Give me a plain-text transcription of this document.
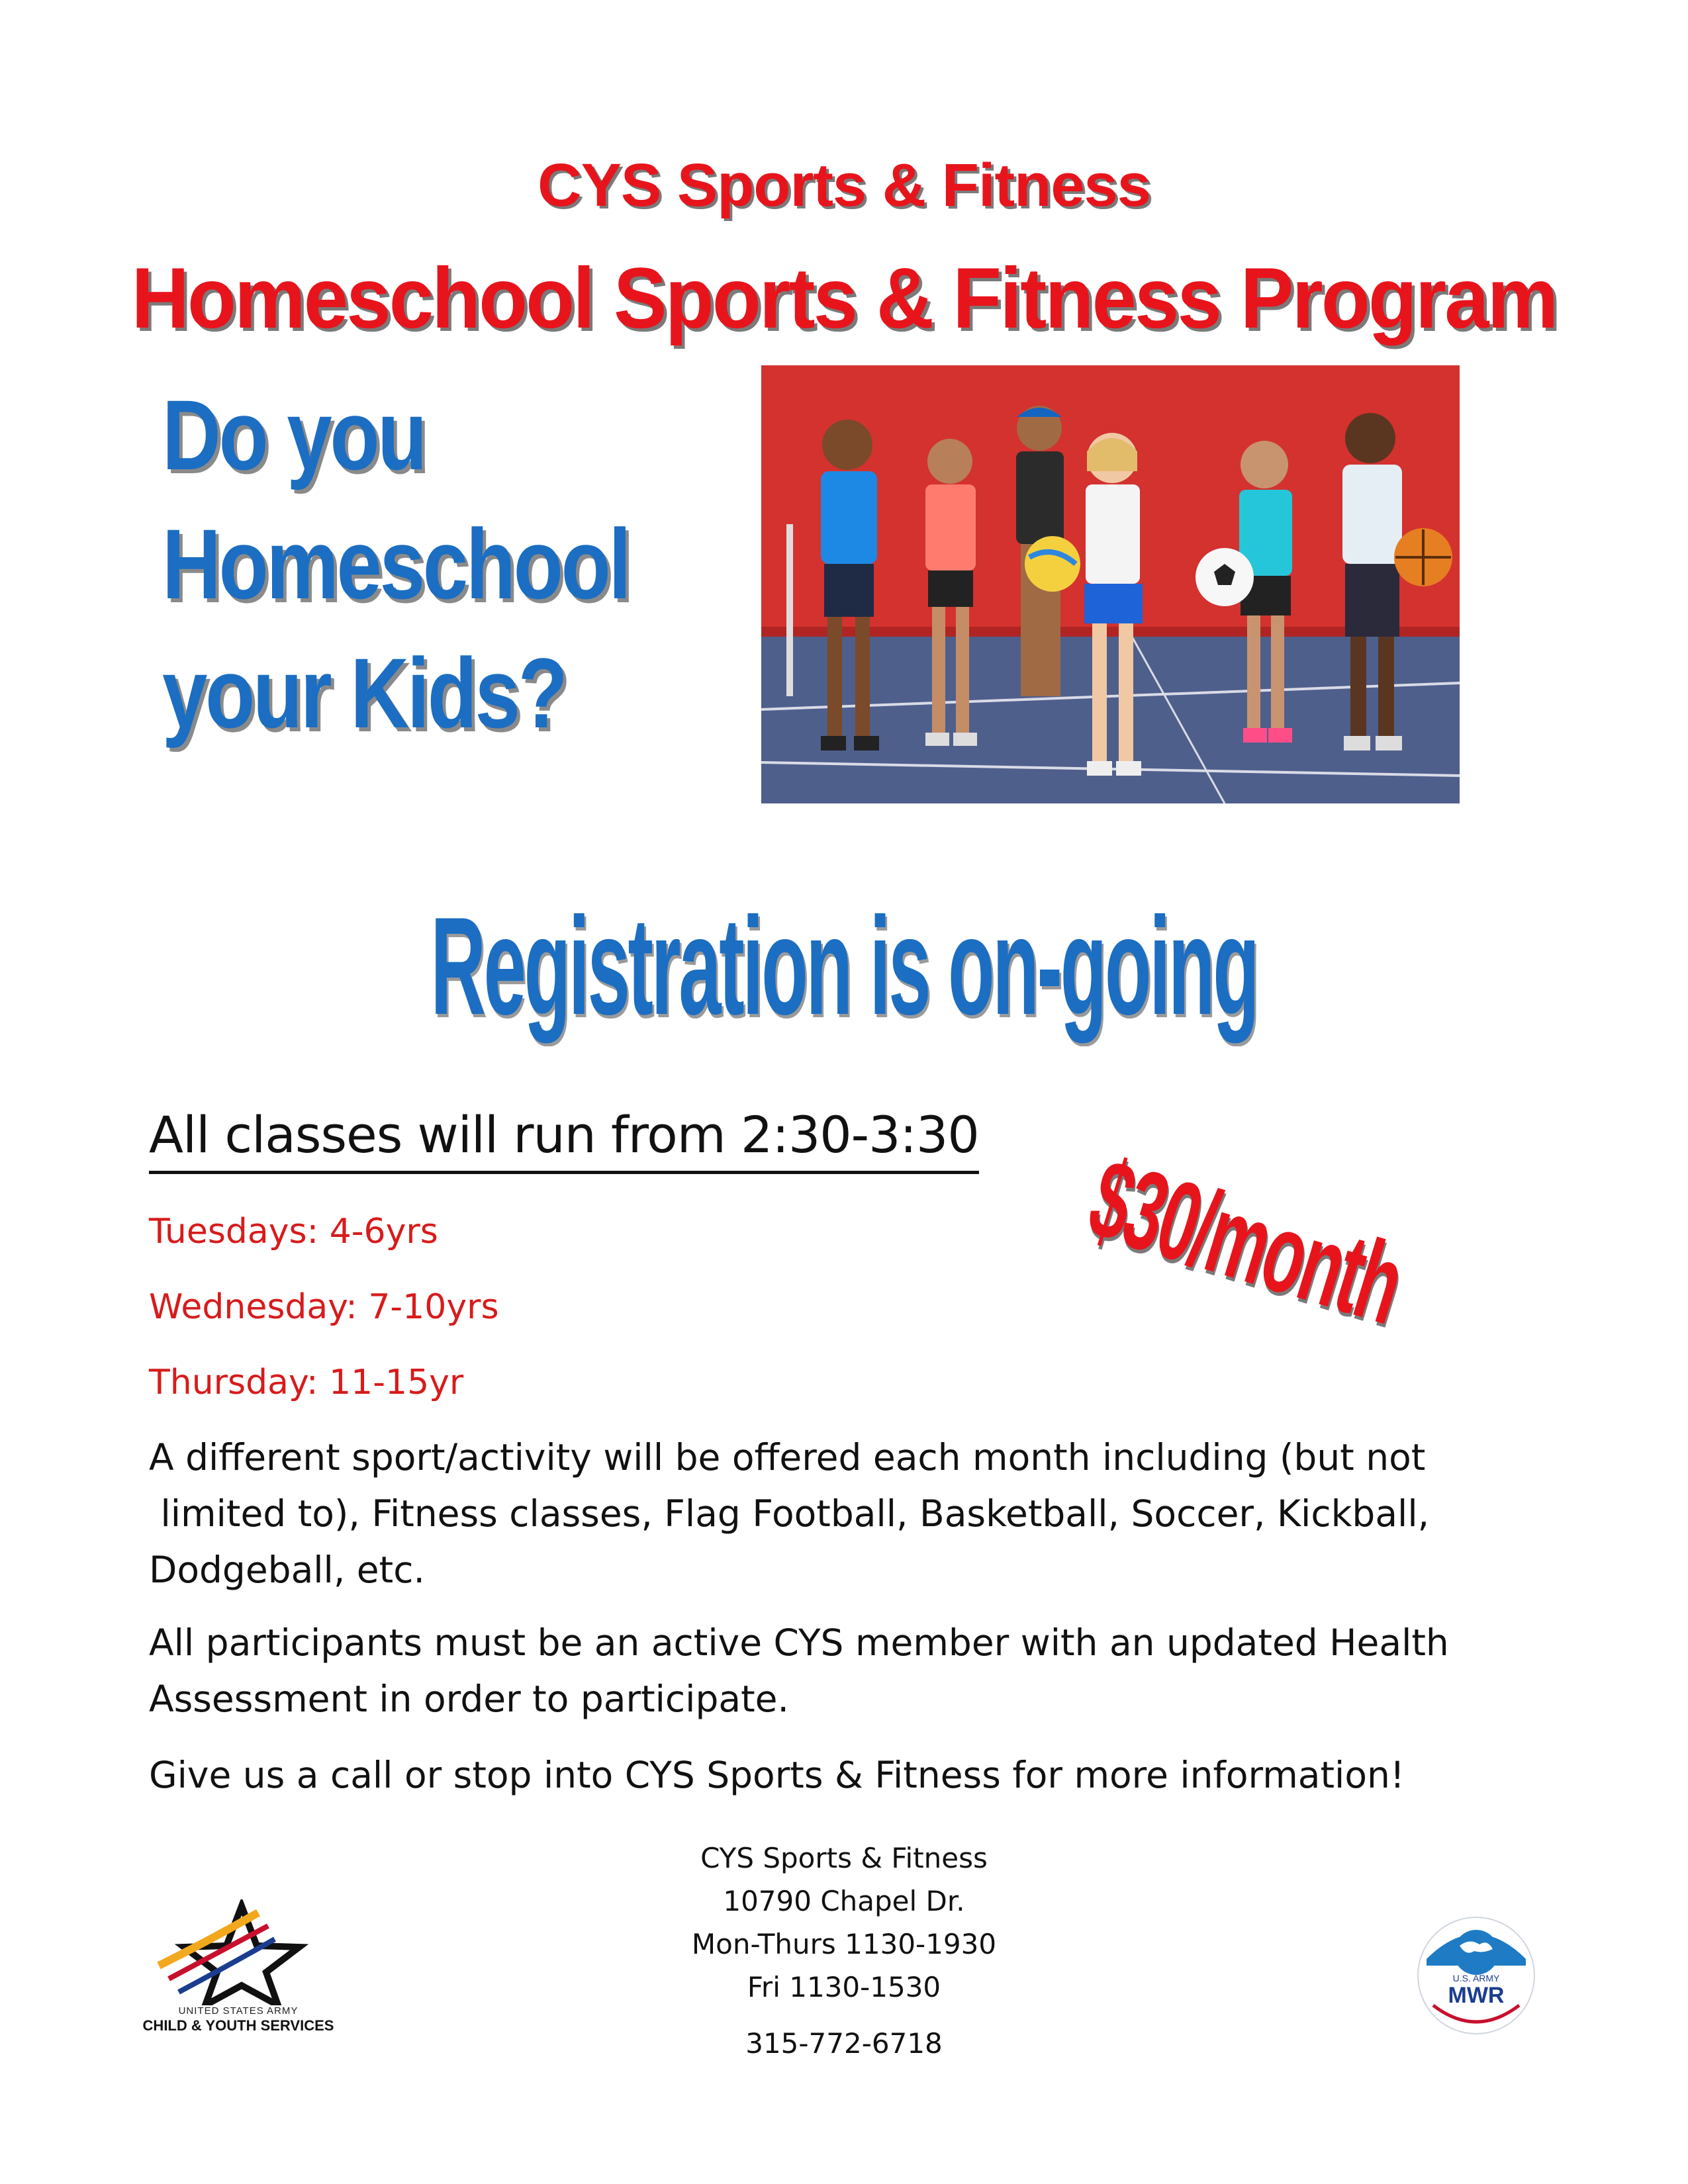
CYS Sports & Fitness
Homeschool Sports & Fitness Program
Do you
Homeschool
your Kids?
Registration is on-going
All classes will run from 2:30-3:30
$30/month
Tuesdays: 4-6yrs
Wednesday: 7-10yrs
Thursday: 11-15yr
A different sport/activity will be offered each month including (but not
limited to), Fitness classes, Flag Football, Basketball, Soccer, Kickball,
Dodgeball, etc.
All participants must be an active CYS member with an updated Health
Assessment in order to participate.
Give us a call or stop into CYS Sports & Fitness for more information!
CYS Sports & Fitness
10790 Chapel Dr.
Mon-Thurs 1130-1930
Fri 1130-1530
315-772-6718
UNITED STATES ARMY
CHILD & YOUTH SERVICES
U.S. ARMY
MWR
